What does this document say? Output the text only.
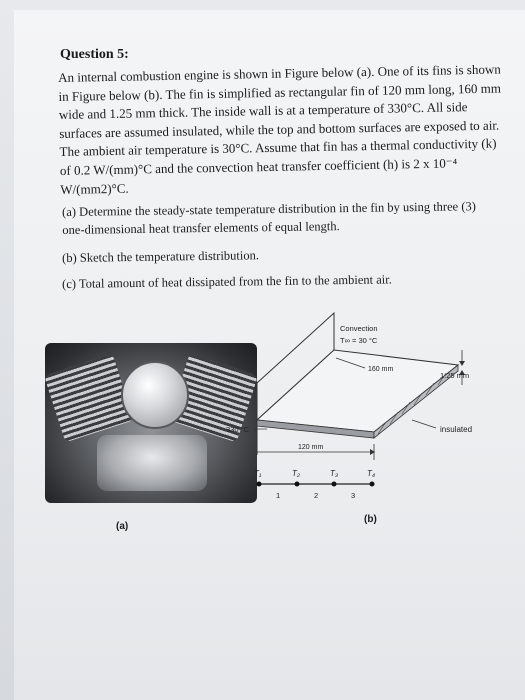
Question 5:
An internal combustion engine is shown in Figure below (a). One of its fins is shown
in Figure below (b). The fin is simplified as rectangular fin of 120 mm long, 160 mm
wide and 1.25 mm thick. The inside wall is at a temperature of 330°C. All side
surfaces are assumed insulated, while the top and bottom surfaces are exposed to air.
The ambient air temperature is 30°C. Assume that fin has a thermal conductivity (k)
of 0.2 W/(mm)°C and the convection heat transfer coefficient (h) is 2 x 10⁻⁴
W/(mm2)°C.
(a) Determine the steady-state temperature distribution in the fin by using three (3) one-dimensional heat transfer elements of equal length.
(b) Sketch the temperature distribution.
(c) Total amount of heat dissipated from the fin to the ambient air.
(a)
Convection
T∞ = 30 °C
160 mm
1.25 mm
insulated
330 °C
120 mm
T₁	T₂	T₃	T₄
1	2	3
(b)
